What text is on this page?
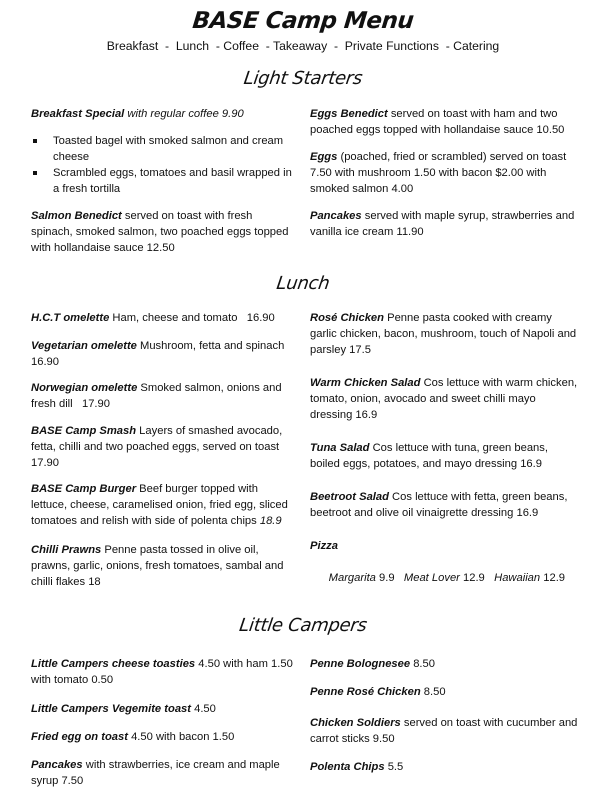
BASE Camp Menu
Breakfast  -  Lunch  - Coffee  - Takeaway  -  Private Functions  - Catering
Light Starters
Breakfast Special with regular coffee 9.90
Toasted bagel with smoked salmon and cream cheese
Scrambled eggs, tomatoes and basil wrapped in a fresh tortilla
Salmon Benedict served on toast with fresh spinach, smoked salmon, two poached eggs topped with hollandaise sauce 12.50
Eggs Benedict served on toast with ham and two poached eggs topped with hollandaise sauce 10.50
Eggs (poached, fried or scrambled) served on toast 7.50 with mushroom 1.50 with bacon $2.00 with smoked salmon 4.00
Pancakes served with maple syrup, strawberries and vanilla ice cream 11.90
Lunch
H.C.T omelette Ham, cheese and tomato   16.90
Vegetarian omelette Mushroom, fetta and spinach 16.90
Norwegian omelette Smoked salmon, onions and fresh dill   17.90
BASE Camp Smash Layers of smashed avocado, fetta, chilli and two poached eggs, served on toast 17.90
BASE Camp Burger Beef burger topped with lettuce, cheese, caramelised onion, fried egg, sliced tomatoes and relish with side of polenta chips 18.9
Chilli Prawns Penne pasta tossed in olive oil, prawns, garlic, onions, fresh tomatoes, sambal and chilli flakes 18
Rosé Chicken Penne pasta cooked with creamy garlic chicken, bacon, mushroom, touch of Napoli and parsley 17.5
Warm Chicken Salad Cos lettuce with warm chicken, tomato, onion, avocado and sweet chilli mayo dressing 16.9
Tuna Salad Cos lettuce with tuna, green beans, boiled eggs, potatoes, and mayo dressing 16.9
Beetroot Salad Cos lettuce with fetta, green beans, beetroot and olive oil vinaigrette dressing 16.9
Pizza

Margarita 9.9   Meat Lover 12.9   Hawaiian 12.9

Little Campers
Little Campers cheese toasties 4.50 with ham 1.50 with tomato 0.50
Little Campers Vegemite toast 4.50
Fried egg on toast 4.50 with bacon 1.50
Pancakes with strawberries, ice cream and maple syrup 7.50
Penne Bolognesee 8.50
Penne Rosé Chicken 8.50
Chicken Soldiers served on toast with cucumber and carrot sticks 9.50
Polenta Chips 5.5
